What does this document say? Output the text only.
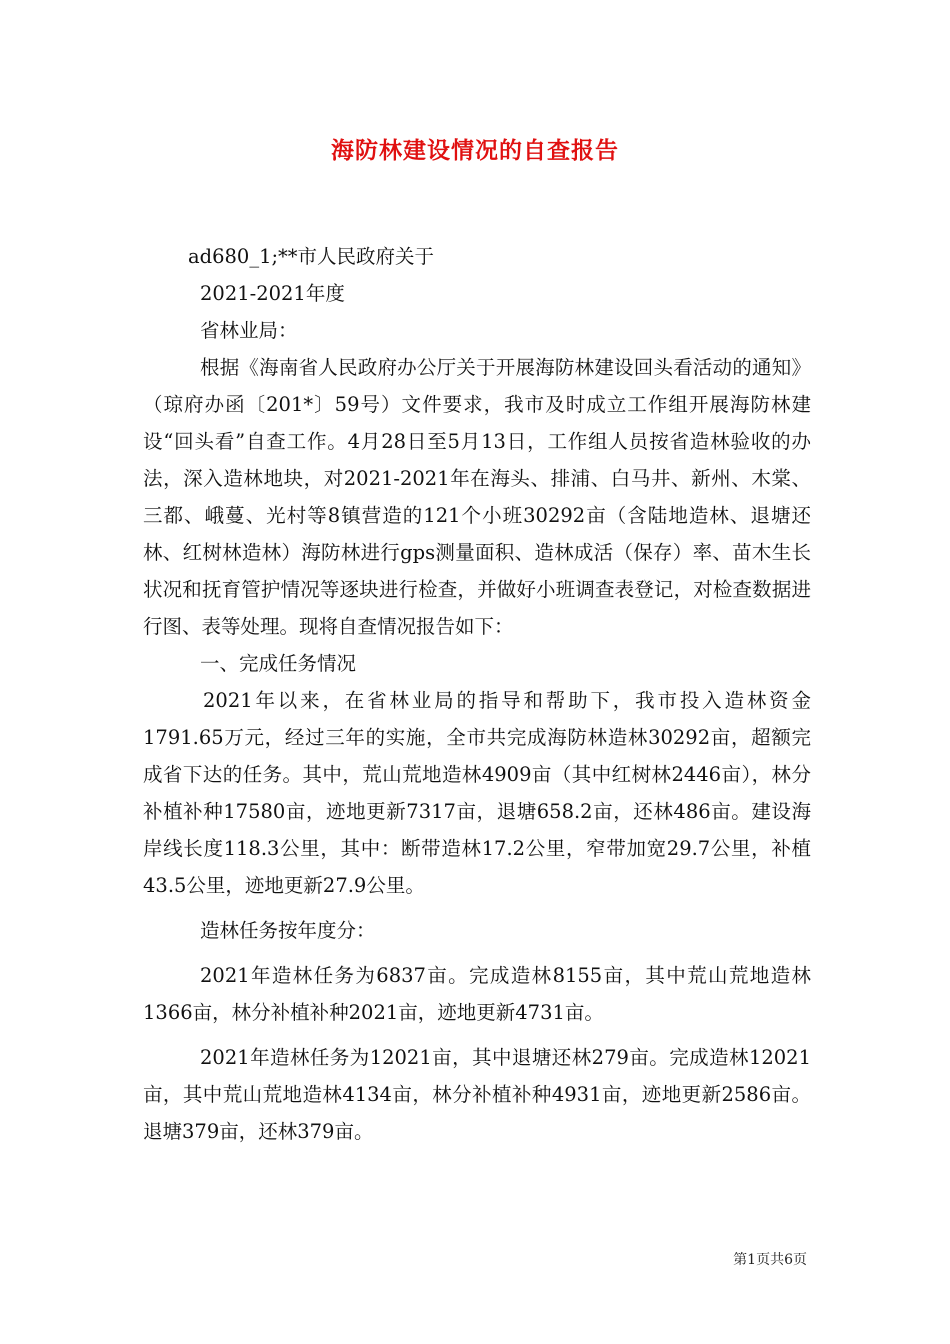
海防林建设情况的自查报告

ad680_1;**市人民政府关于

2021-2021年度

省林业局：

根据《海南省人民政府办公厅关于开展海防林建设回头看活动的通知》（琼府办函〔201*〕59号）文件要求，我市及时成立工作组开展海防林建设“回头看”自查工作。4月28日至5月13日，工作组人员按省造林验收的办法，深入造林地块，对2021-2021年在海头、排浦、白马井、新州、木棠、三都、峨蔓、光村等8镇营造的121个小班30292亩（含陆地造林、退塘还林、红树林造林）海防林进行gps测量面积、造林成活（保存）率、苗木生长状况和抚育管护情况等逐块进行检查，并做好小班调查表登记，对检查数据进行图、表等处理。现将自查情况报告如下：

一、完成任务情况

2021年以来，在省林业局的指导和帮助下，我市投入造林资金1791.65万元，经过三年的实施，全市共完成海防林造林30292亩，超额完成省下达的任务。其中，荒山荒地造林4909亩（其中红树林2446亩），林分补植补种17580亩，迹地更新7317亩，退塘658.2亩，还林486亩。建设海岸线长度118.3公里，其中：断带造林17.2公里，窄带加宽29.7公里，补植43.5公里，迹地更新27.9公里。

造林任务按年度分：

2021年造林任务为6837亩。完成造林8155亩，其中荒山荒地造林1366亩，林分补植补种2021亩，迹地更新4731亩。

2021年造林任务为12021亩，其中退塘还林279亩。完成造林12021亩，其中荒山荒地造林4134亩，林分补植补种4931亩，迹地更新2586亩。退塘379亩，还林379亩。

第1页共6页
